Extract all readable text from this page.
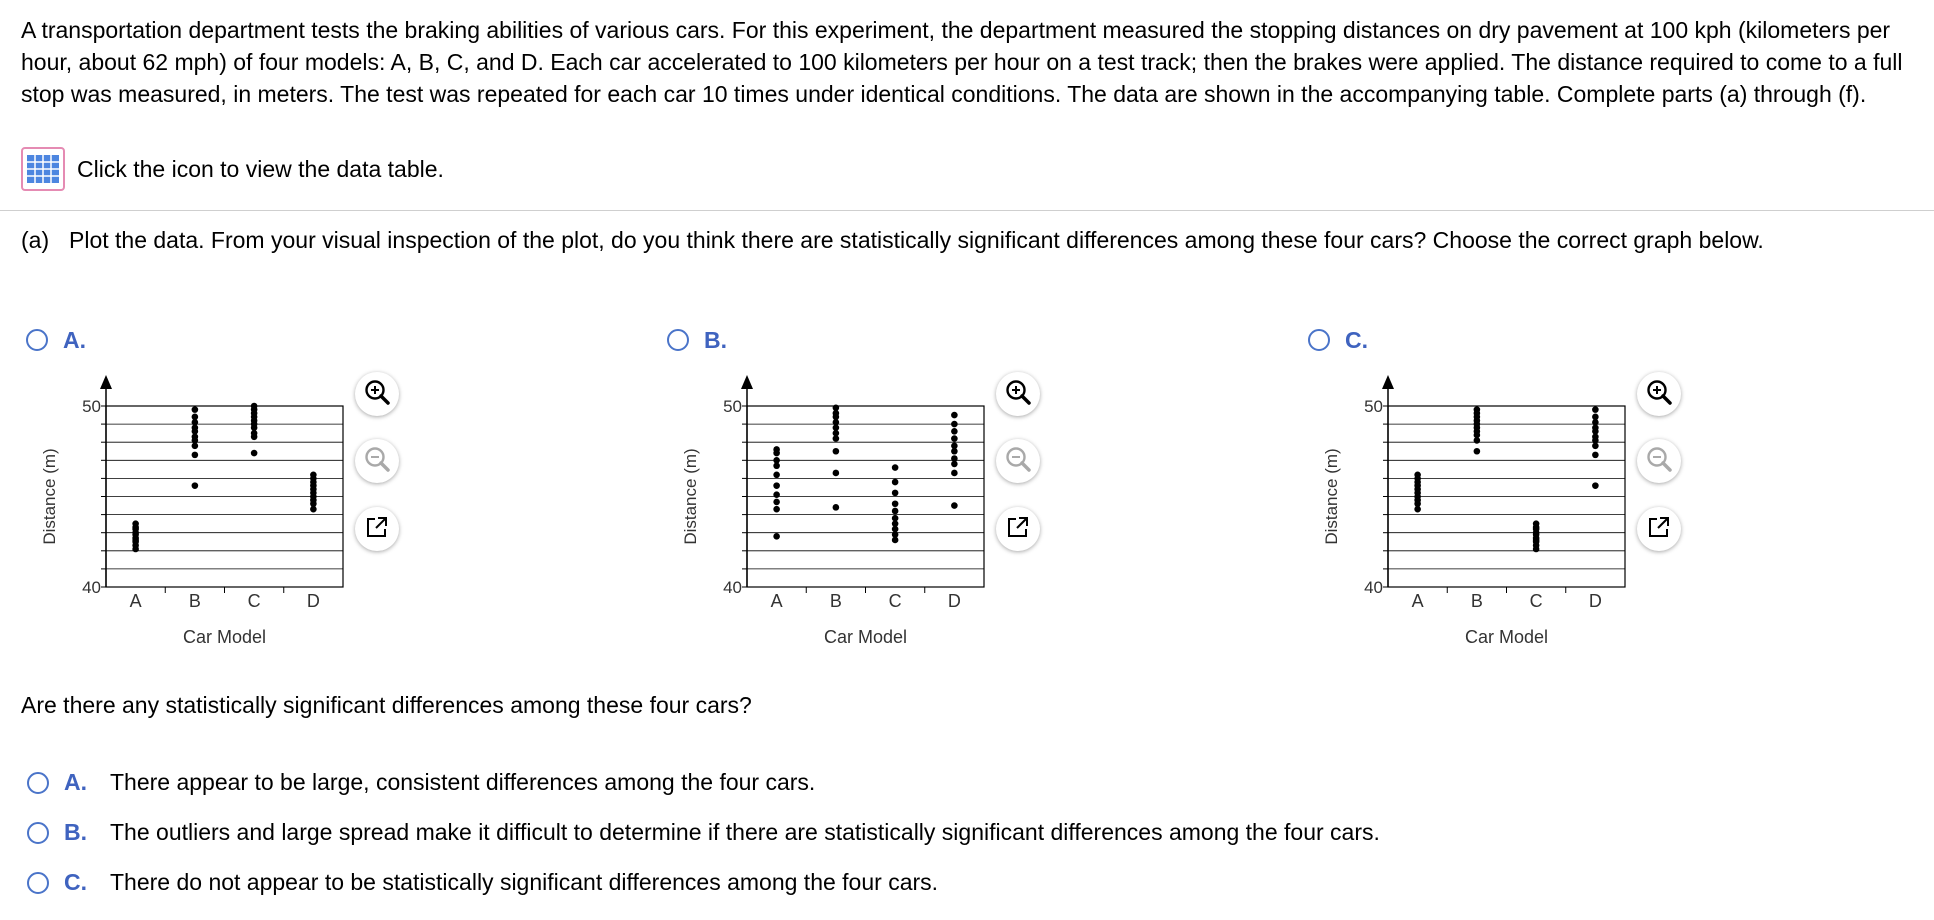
A transportation department tests the braking abilities of various cars. For this experiment, the department measured the stopping distances on dry pavement at 100 kph (kilometers per hour, about 62 mph) of four models: A, B, C, and D. Each car accelerated to 100 kilometers per hour on a test track; then the brakes were applied. The distance required to come to a full stop was measured, in meters. The test was repeated for each car 10 times under identical conditions. The data are shown in the accompanying table. Complete parts (a) through (f).
Click the icon to view the data table.
(a) Plot the data. From your visual inspection of the plot, do you think there are statistically significant differences among these four cars? Choose the correct graph below.
A.	B.	C.
40
50
A	B	C	D
Car Model
Distance (m)
40
50
A	B	C	D
Car Model
Distance (m)
40
50
A	B	C	D
Car Model
Distance (m)
Are there any statistically significant differences among these four cars?
A. There appear to be large, consistent differences among the four cars.
B. The outliers and large spread make it difficult to determine if there are statistically significant differences among the four cars.
C. There do not appear to be statistically significant differences among the four cars.
